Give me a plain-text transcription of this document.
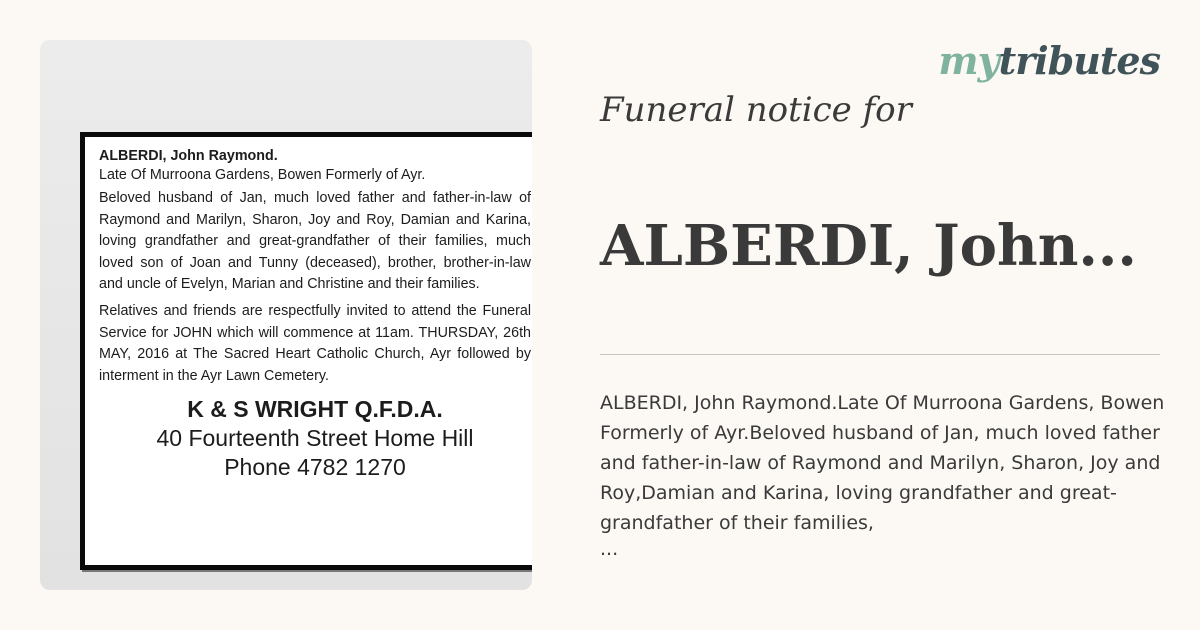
ALBERDI, John Raymond.
Late Of Murroona Gardens, Bowen Formerly of Ayr.
Beloved husband of Jan, much loved father and father-in-law of Raymond and Marilyn, Sharon, Joy and Roy, Damian and Karina, loving grandfather and great-grandfather of their families, much loved son of Joan and Tunny (deceased), brother, brother-in-law and uncle of Evelyn, Marian and Christine and their families.
Relatives and friends are respectfully invited to attend the Funeral Service for JOHN which will commence at 11am. THURSDAY, 26th MAY, 2016 at The Sacred Heart Catholic Church, Ayr followed by interment in the Ayr Lawn Cemetery.
K & S WRIGHT Q.F.D.A.
40 Fourteenth Street Home Hill
Phone 4782 1270
mytributes
Funeral notice for
ALBERDI, John...
ALBERDI, John Raymond.Late Of Murroona Gardens, Bowen Formerly of Ayr.Beloved husband of Jan, much loved father and father-in-law of Raymond and Marilyn, Sharon, Joy and Roy,Damian and Karina, loving grandfather and great-grandfather of their families,
...
